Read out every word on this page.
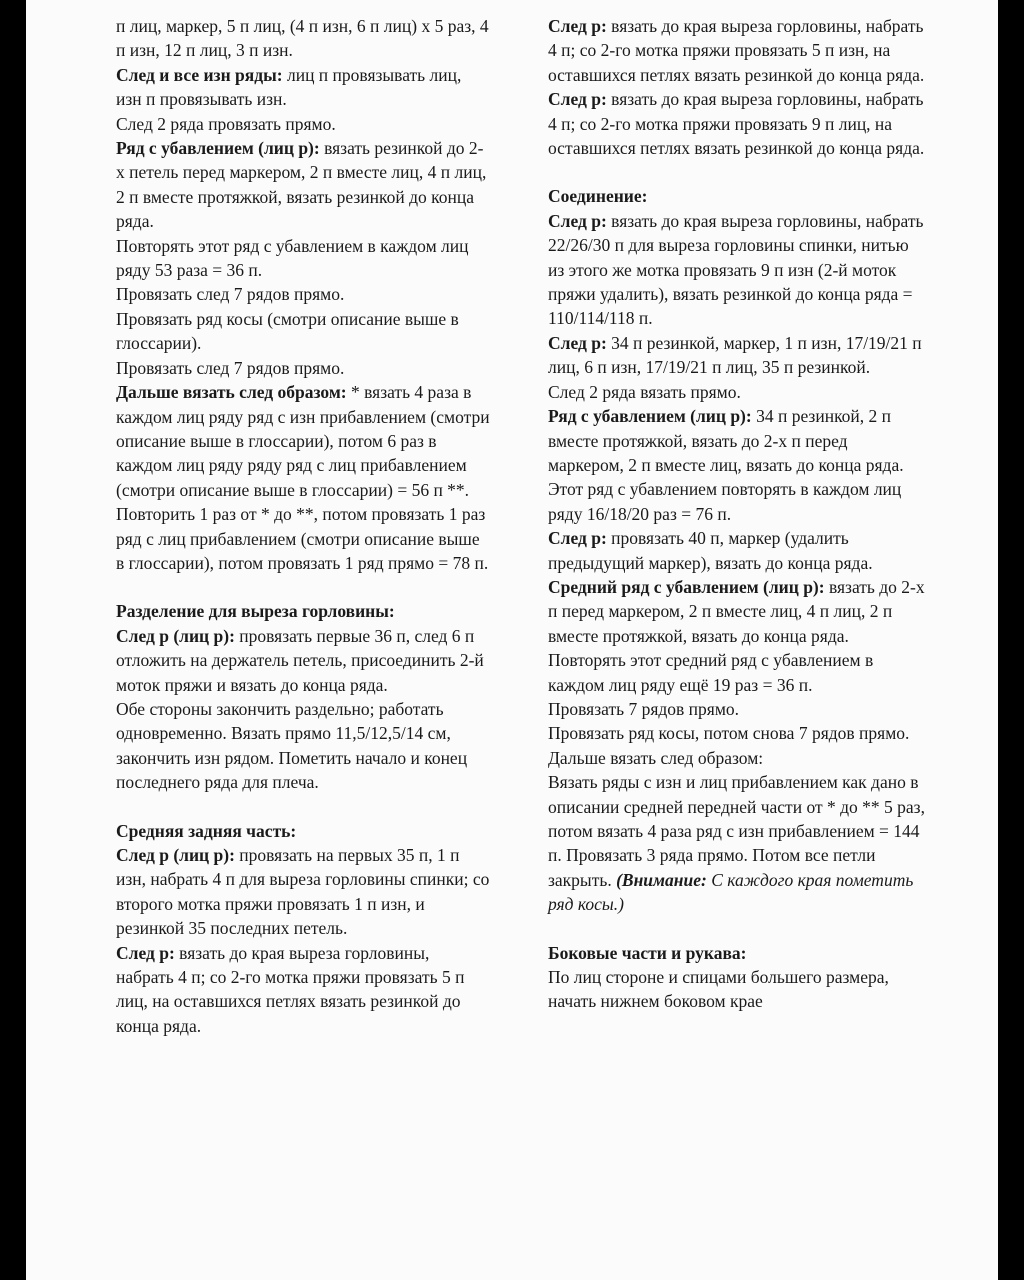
п лиц, маркер, 5 п лиц, (4 п изн, 6 п лиц) х 5 раз, 4 п изн, 12 п лиц, 3 п изн.

След и все изн ряды: лиц п провязывать лиц, изн п провязывать изн.

След 2 ряда провязать прямо.

Ряд с убавлением (лиц р): вязать резинкой до 2-х петель перед маркером, 2 п вместе лиц, 4 п лиц, 2 п вместе протяжкой, вязать резинкой до конца ряда.

Повторять этот ряд с убавлением в каждом лиц ряду 53 раза = 36 п.

Провязать след 7 рядов прямо.

Провязать ряд косы (смотри описание выше в глоссарии).

Провязать след 7 рядов прямо.

Дальше вязать след образом: * вязать 4 раза в каждом лиц ряду ряд с изн прибавлением (смотри описание выше в глоссарии), потом 6 раз в каждом лиц ряду ряду ряд с лиц прибавлением (смотри описание выше в глоссарии) = 56 п **. Повторить 1 раз от * до **, потом провязать 1 раз ряд с лиц прибавлением (смотри описание выше в глоссарии), потом провязать 1 ряд прямо = 78 п.

Разделение для выреза горловины:

След р (лиц р): провязать первые 36 п, след 6 п отложить на держатель петель, присоединить 2-й моток пряжи и вязать до конца ряда.

Обе стороны закончить раздельно; работать одновременно. Вязать прямо 11,5/12,5/14 см, закончить изн рядом. Пометить начало и конец последнего ряда для плеча.

Средняя задняя часть:

След р (лиц р): провязать на первых 35 п, 1 п изн, набрать 4 п для выреза горловины спинки; со второго мотка пряжи провязать 1 п изн, и резинкой 35 последних петель.

След р: вязать до края выреза горловины, набрать 4 п; со 2-го мотка пряжи провязать 5 п лиц, на оставшихся петлях вязать резинкой до конца ряда.

След р: вязать до края выреза горловины, набрать 4 п; со 2-го мотка пряжи провязать 5 п изн, на оставшихся петлях вязать резинкой до конца ряда.

След р: вязать до края выреза горловины, набрать 4 п; со 2-го мотка пряжи провязать 9 п лиц, на оставшихся петлях вязать резинкой до конца ряда.

Соединение:

След р: вязать до края выреза горловины, набрать 22/26/30 п для выреза горловины спинки, нитью из этого же мотка провязать 9 п изн (2-й моток пряжи удалить), вязать резинкой до конца ряда = 110/114/118 п.

След р: 34 п резинкой, маркер, 1 п изн, 17/19/21 п лиц, 6 п изн, 17/19/21 п лиц, 35 п резинкой.

След 2 ряда вязать прямо.

Ряд с убавлением (лиц р): 34 п резинкой, 2 п вместе протяжкой, вязать до 2-х п перед маркером, 2 п вместе лиц, вязать до конца ряда.

Этот ряд с убавлением повторять в каждом лиц ряду 16/18/20 раз = 76 п.

След р: провязать 40 п, маркер (удалить предыдущий маркер), вязать до конца ряда.

Средний ряд с убавлением (лиц р): вязать до 2-х п перед маркером, 2 п вместе лиц, 4 п лиц, 2 п вместе протяжкой, вязать до конца ряда.

Повторять этот средний ряд с убавлением в каждом лиц ряду ещё 19 раз = 36 п.

Провязать 7 рядов прямо.

Провязать ряд косы, потом снова 7 рядов прямо.

Дальше вязать след образом:

Вязать ряды с изн и лиц прибавлением как дано в описании средней передней части от * до ** 5 раз, потом вязать 4 раза ряд с изн прибавлением = 144 п. Провязать 3 ряда прямо. Потом все петли закрыть. (Внимание: С каждого края пометить ряд косы.)

Боковые части и рукава:

По лиц стороне и спицами большего размера, начать нижнем боковом крае
